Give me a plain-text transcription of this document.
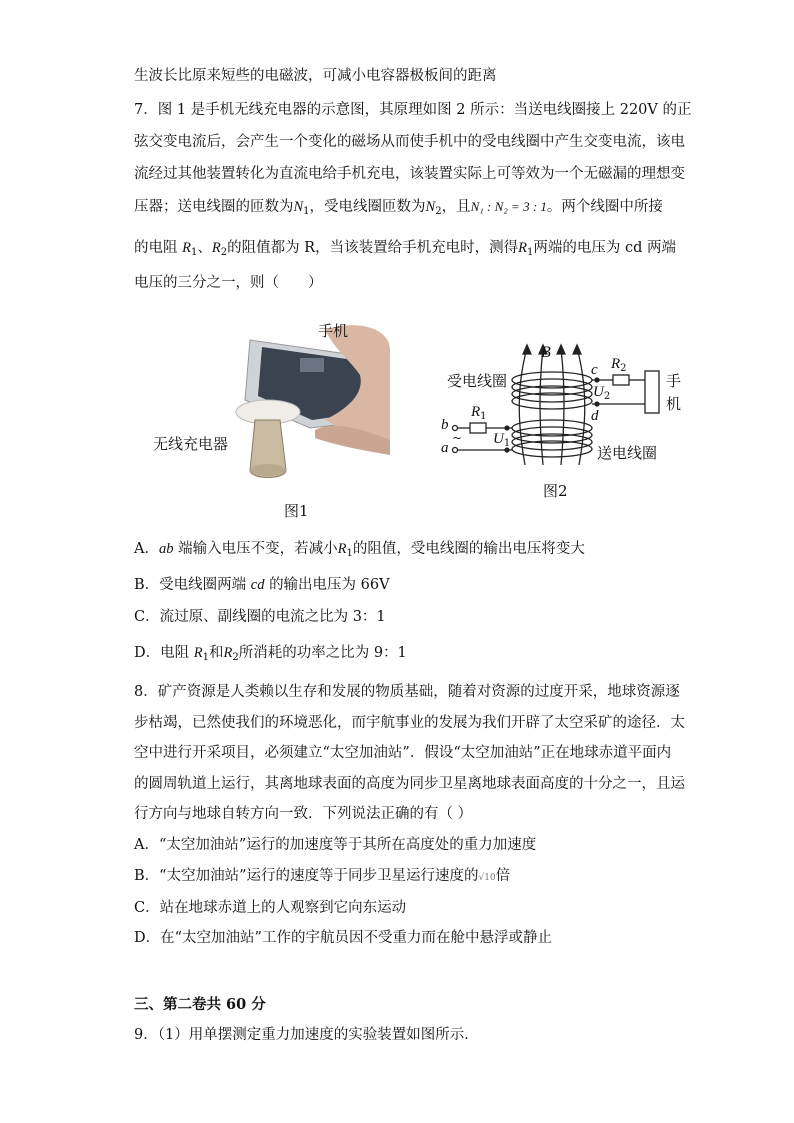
生波长比原来短些的电磁波，可减小电容器极板间的距离
7．图 1 是手机无线充电器的示意图，其原理如图 2 所示：当送电线圈接上 220V 的正
弦交变电流后，会产生一个变化的磁场从而使手机中的受电线圈中产生交变电流，该电
流经过其他装置转化为直流电给手机充电，该装置实际上可等效为一个无磁漏的理想变
压器；送电线圈的匝数为$N_1$，受电线圈匝数为$N_2$，且N₁ : N₂ = 3 : 1。两个线圈中所接
的电阻 $R_1$、$R_2$的阻值都为 R，当该装置给手机充电时，测得$R_1$两端的电压为 cd 两端
电压的三分之一，则（　　）
手机
无线充电器
图1
受电线圈
送电线圈
手
机
B
c
d
b
a
~
$R_2$
$U_2$
$R_1$
$U_1$
图2
A．ab 端输入电压不变，若减小$R_1$的阻值，受电线圈的输出电压将变大
B．受电线圈两端 cd 的输出电压为 66V
C．流过原、副线圈的电流之比为 3：1
D．电阻 $R_1$和$R_2$所消耗的功率之比为 9：1
8．矿产资源是人类赖以生存和发展的物质基础，随着对资源的过度开采，地球资源逐
步枯竭，已然使我们的环境恶化，而宇航事业的发展为我们开辟了太空采矿的途径．太
空中进行开采项目，必须建立“太空加油站”．假设“太空加油站”正在地球赤道平面内
的圆周轨道上运行，其离地球表面的高度为同步卫星离地球表面高度的十分之一，且运
行方向与地球自转方向一致．下列说法正确的有（ ）
A．“太空加油站”运行的加速度等于其所在高度处的重力加速度
B．“太空加油站”运行的速度等于同步卫星运行速度的√10倍
C．站在地球赤道上的人观察到它向东运动
D．在“太空加油站”工作的宇航员因不受重力而在舱中悬浮或静止
三、第二卷共 60 分
9．（1）用单摆测定重力加速度的实验装置如图所示．
